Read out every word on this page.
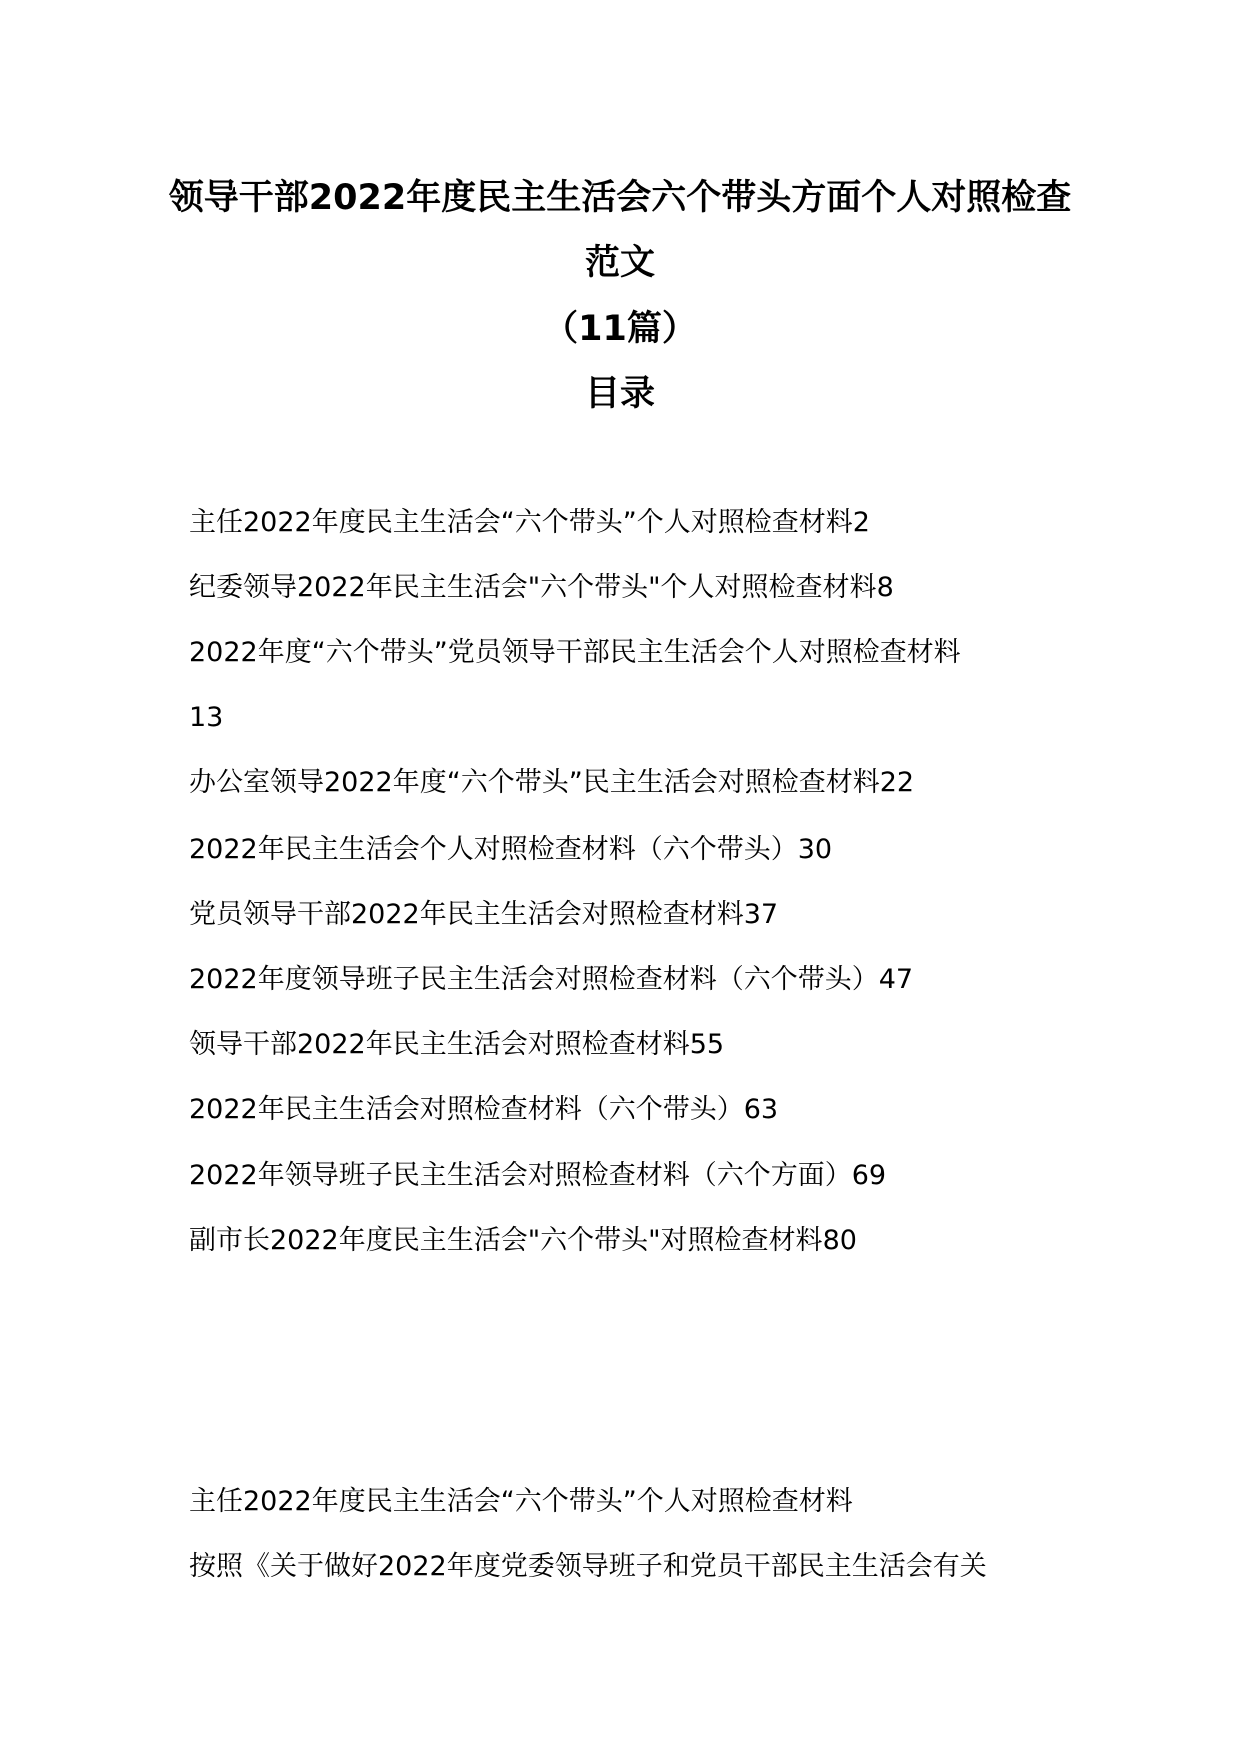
领导干部2022年度民主生活会六个带头方面个人对照检查
范文
（11篇）
目录
主任2022年度民主生活会“六个带头”个人对照检查材料2
纪委领导2022年民主生活会"六个带头"个人对照检查材料8
2022年度“六个带头”党员领导干部民主生活会个人对照检查材料
13
办公室领导2022年度“六个带头”民主生活会对照检查材料22
2022年民主生活会个人对照检查材料（六个带头）30
党员领导干部2022年民主生活会对照检查材料37
2022年度领导班子民主生活会对照检查材料（六个带头）47
领导干部2022年民主生活会对照检查材料55
2022年民主生活会对照检查材料（六个带头）63
2022年领导班子民主生活会对照检查材料（六个方面）69
副市长2022年度民主生活会"六个带头"对照检查材料80
主任2022年度民主生活会“六个带头”个人对照检查材料
按照《关于做好2022年度党委领导班子和党员干部民主生活会有关
